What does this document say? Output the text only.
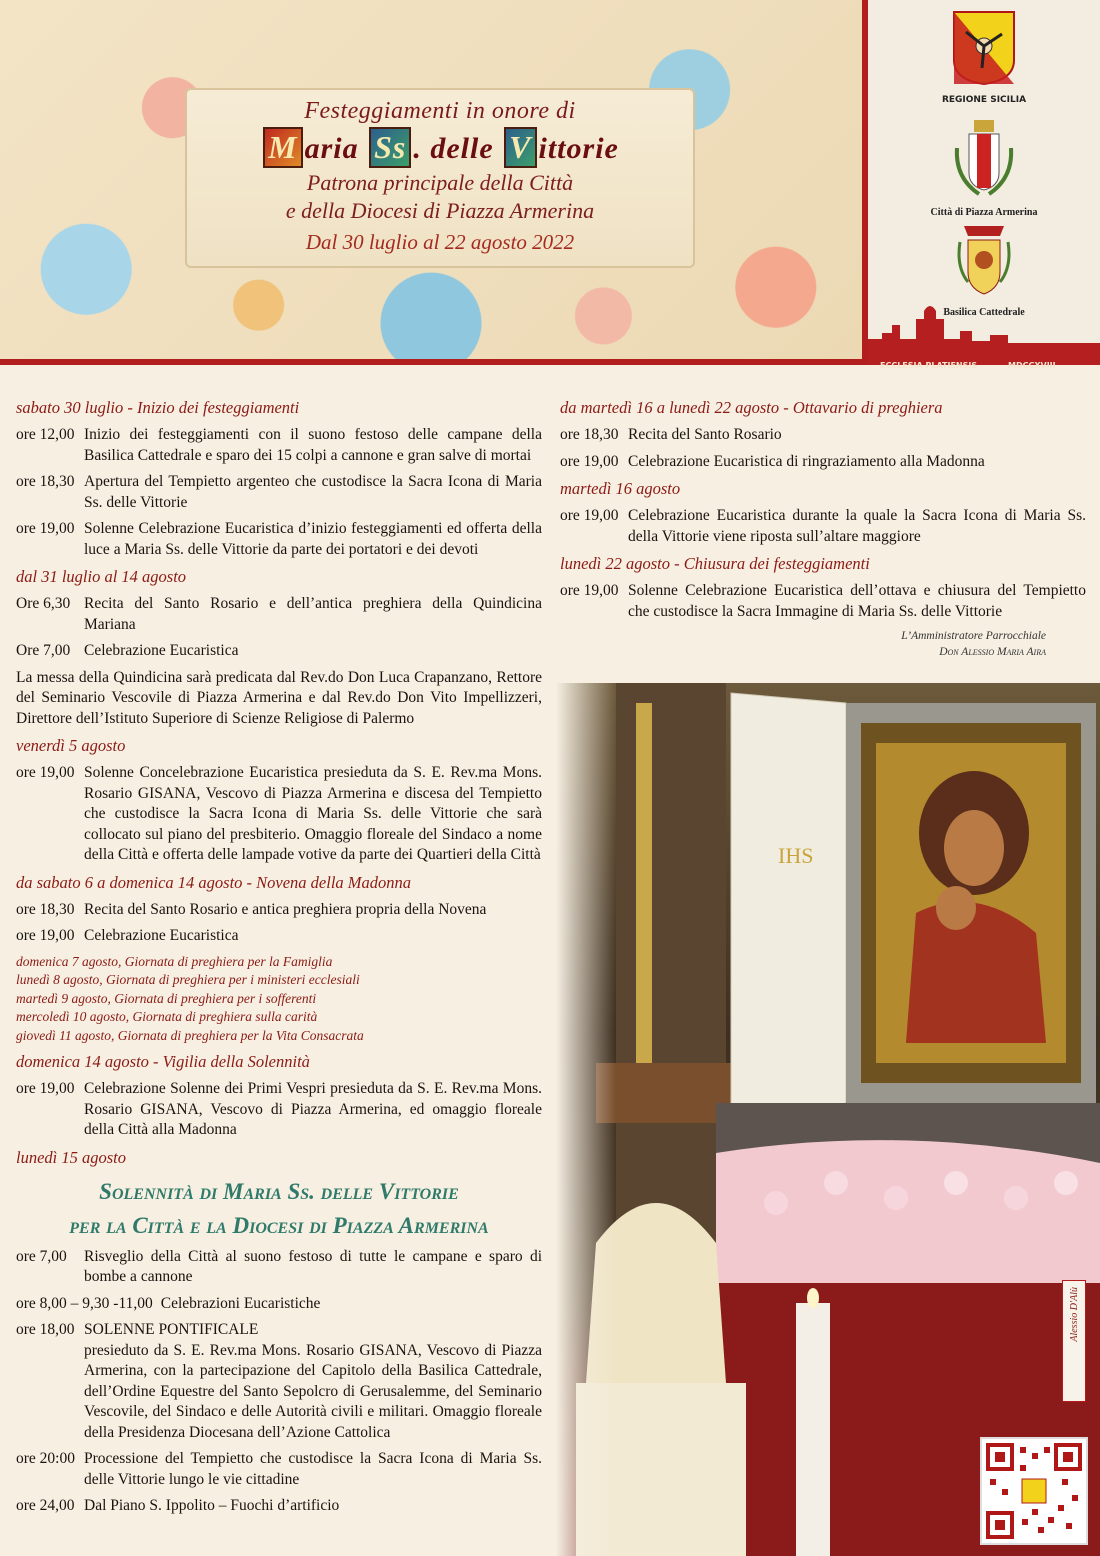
Festeggiamenti in onore di
M aria Ss . delle V ittorie
Patrona principale della Città
e della Diocesi di Piazza Armerina
Dal 30 luglio al 22 agosto 2022
REGIONE SICILIA
Città di Piazza Armerina
Basilica Cattedrale
ECCLESIA PLATIENSIS	MDCCXVIII
IHS
Alessio D'Alù
sabato 30 luglio - Inizio dei festeggiamenti
ore 12,00 Inizio dei festeggiamenti con il suono festoso delle campane della Basilica Cattedrale e sparo dei 15 colpi a cannone e gran salve di mortai
ore 18,30 Apertura del Tempietto argenteo che custodisce la Sacra Icona di Maria Ss. delle Vittorie
ore 19,00 Solenne Celebrazione Eucaristica d’inizio festeggiamenti ed offerta della luce a Maria Ss. delle Vittorie da parte dei portatori e dei devoti
dal 31 luglio al 14 agosto
Ore 6,30 Recita del Santo Rosario e dell’antica preghiera della Quindicina Mariana
Ore 7,00 Celebrazione Eucaristica
La messa della Quindicina sarà predicata dal Rev.do Don Luca Crapanzano, Rettore del Seminario Vescovile di Piazza Armerina e dal Rev.do Don Vito Impellizzeri, Direttore dell’Istituto Superiore di Scienze Religiose di Palermo
venerdì 5 agosto
ore 19,00 Solenne Concelebrazione Eucaristica presieduta da S. E. Rev.ma Mons. Rosario GISANA, Vescovo di Piazza Armerina e discesa del Tempietto che custodisce la Sacra Icona di Maria Ss. delle Vittorie che sarà collocato sul piano del presbiterio. Omaggio floreale del Sindaco a nome della Città e offerta delle lampade votive da parte dei Quartieri della Città
da sabato 6 a domenica 14 agosto - Novena della Madonna
ore 18,30 Recita del Santo Rosario e antica preghiera propria della Novena
ore 19,00 Celebrazione Eucaristica
domenica 7 agosto, Giornata di preghiera per la Famiglia
lunedì 8 agosto, Giornata di preghiera per i ministeri ecclesiali
martedì 9 agosto, Giornata di preghiera per i sofferenti
mercoledì 10 agosto, Giornata di preghiera sulla carità
giovedì 11 agosto, Giornata di preghiera per la Vita Consacrata
domenica 14 agosto - Vigilia della Solennità
ore 19,00 Celebrazione Solenne dei Primi Vespri presieduta da S. E. Rev.ma Mons. Rosario GISANA, Vescovo di Piazza Armerina, ed omaggio floreale della Città alla Madonna
lunedì 15 agosto
Solennità di Maria Ss. delle Vittorie
per la Città e la Diocesi di Piazza Armerina
ore 7,00	Risveglio della Città al suono festoso di tutte le campane e sparo di bombe a cannone
ore 8,00 – 9,30 -11,00 Celebrazioni Eucaristiche
ore 18,00 SOLENNE PONTIFICALE
presieduto da S. E. Rev.ma Mons. Rosario GISANA, Vescovo di Piazza Armerina, con la partecipazione del Capitolo della Basilica Cattedrale, dell’Ordine Equestre del Santo Sepolcro di Gerusalemme, del Seminario Vescovile, del Sindaco e delle Autorità civili e militari. Omaggio floreale della Presidenza Diocesana dell’Azione Cattolica
ore 20:00 Processione del Tempietto che custodisce la Sacra Icona di Maria Ss. delle Vittorie lungo le vie cittadine
ore 24,00 Dal Piano S. Ippolito – Fuochi d’artificio
da martedì 16 a lunedì 22 agosto - Ottavario di preghiera
ore 18,30 Recita del Santo Rosario
ore 19,00 Celebrazione Eucaristica di ringraziamento alla Madonna
martedì 16 agosto
ore 19,00 Celebrazione Eucaristica durante la quale la Sacra Icona di Maria Ss. della Vittorie viene riposta sull’altare maggiore
lunedì 22 agosto - Chiusura dei festeggiamenti
ore 19,00 Solenne Celebrazione Eucaristica dell’ottava e chiusura del Tempietto che custodisce la Sacra Immagine di Maria Ss. delle Vittorie
L’Amministratore Parrocchiale
Don Alessio Maria Aira
